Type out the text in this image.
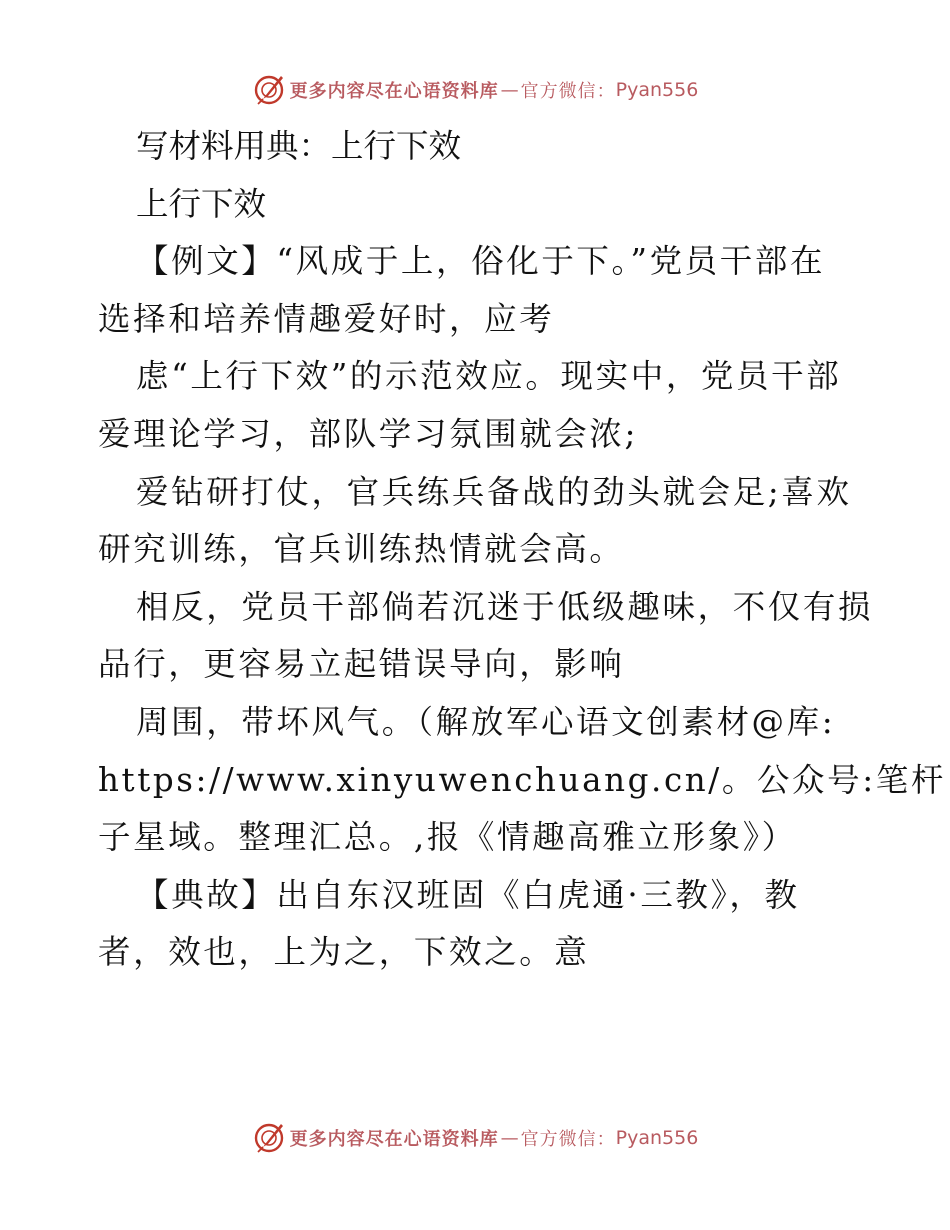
更多内容尽在心语资料库 — 官方微信： Pyan556
写材料用典：上行下效
上行下效
【例文】“风成于上，俗化于下。”党员干部在
选择和培养情趣爱好时，应考
虑“上行下效”的示范效应。现实中，党员干部
爱理论学习，部队学习氛围就会浓;
爱钻研打仗，官兵练兵备战的劲头就会足;喜欢
研究训练，官兵训练热情就会高。
相反，党员干部倘若沉迷于低级趣味，不仅有损
品行，更容易立起错误导向，影响
周围，带坏风气。（解放军心语文创素材@库:
https://www.xinyuwenchuang.cn/。公众号:笔杆
子星域。整理汇总。,报《情趣高雅立形象》）
【典故】出自东汉班固《白虎通·三教》，教
者，效也，上为之，下效之。意
更多内容尽在心语资料库 — 官方微信： Pyan556
